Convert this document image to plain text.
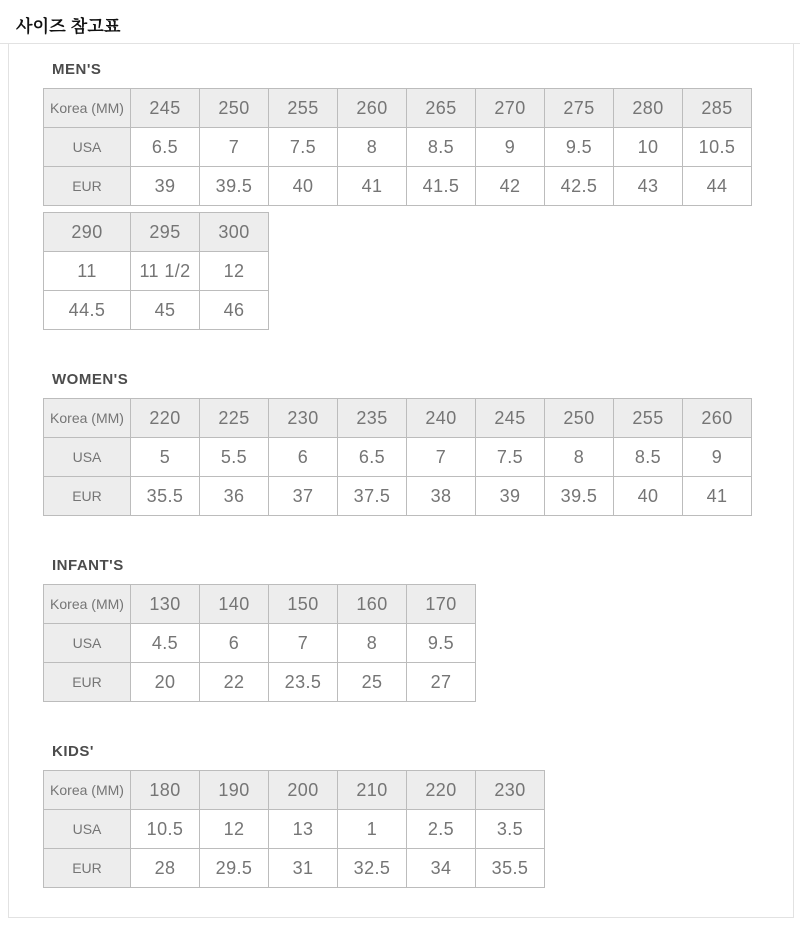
사이즈 참고표
MEN'S
Korea (MM)	245	250	255	260	265	270	275	280	285
USA	6.5	7	7.5	8	8.5	9	9.5	10	10.5
EUR	39	39.5	40	41	41.5	42	42.5	43	44
290	295	300
11	11 1/2	12
44.5	45	46
WOMEN'S
Korea (MM)	220	225	230	235	240	245	250	255	260
USA	5	5.5	6	6.5	7	7.5	8	8.5	9
EUR	35.5	36	37	37.5	38	39	39.5	40	41
INFANT'S
Korea (MM)	130	140	150	160	170
USA	4.5	6	7	8	9.5
EUR	20	22	23.5	25	27
KIDS'
Korea (MM)	180	190	200	210	220	230
USA	10.5	12	13	1	2.5	3.5
EUR	28	29.5	31	32.5	34	35.5
